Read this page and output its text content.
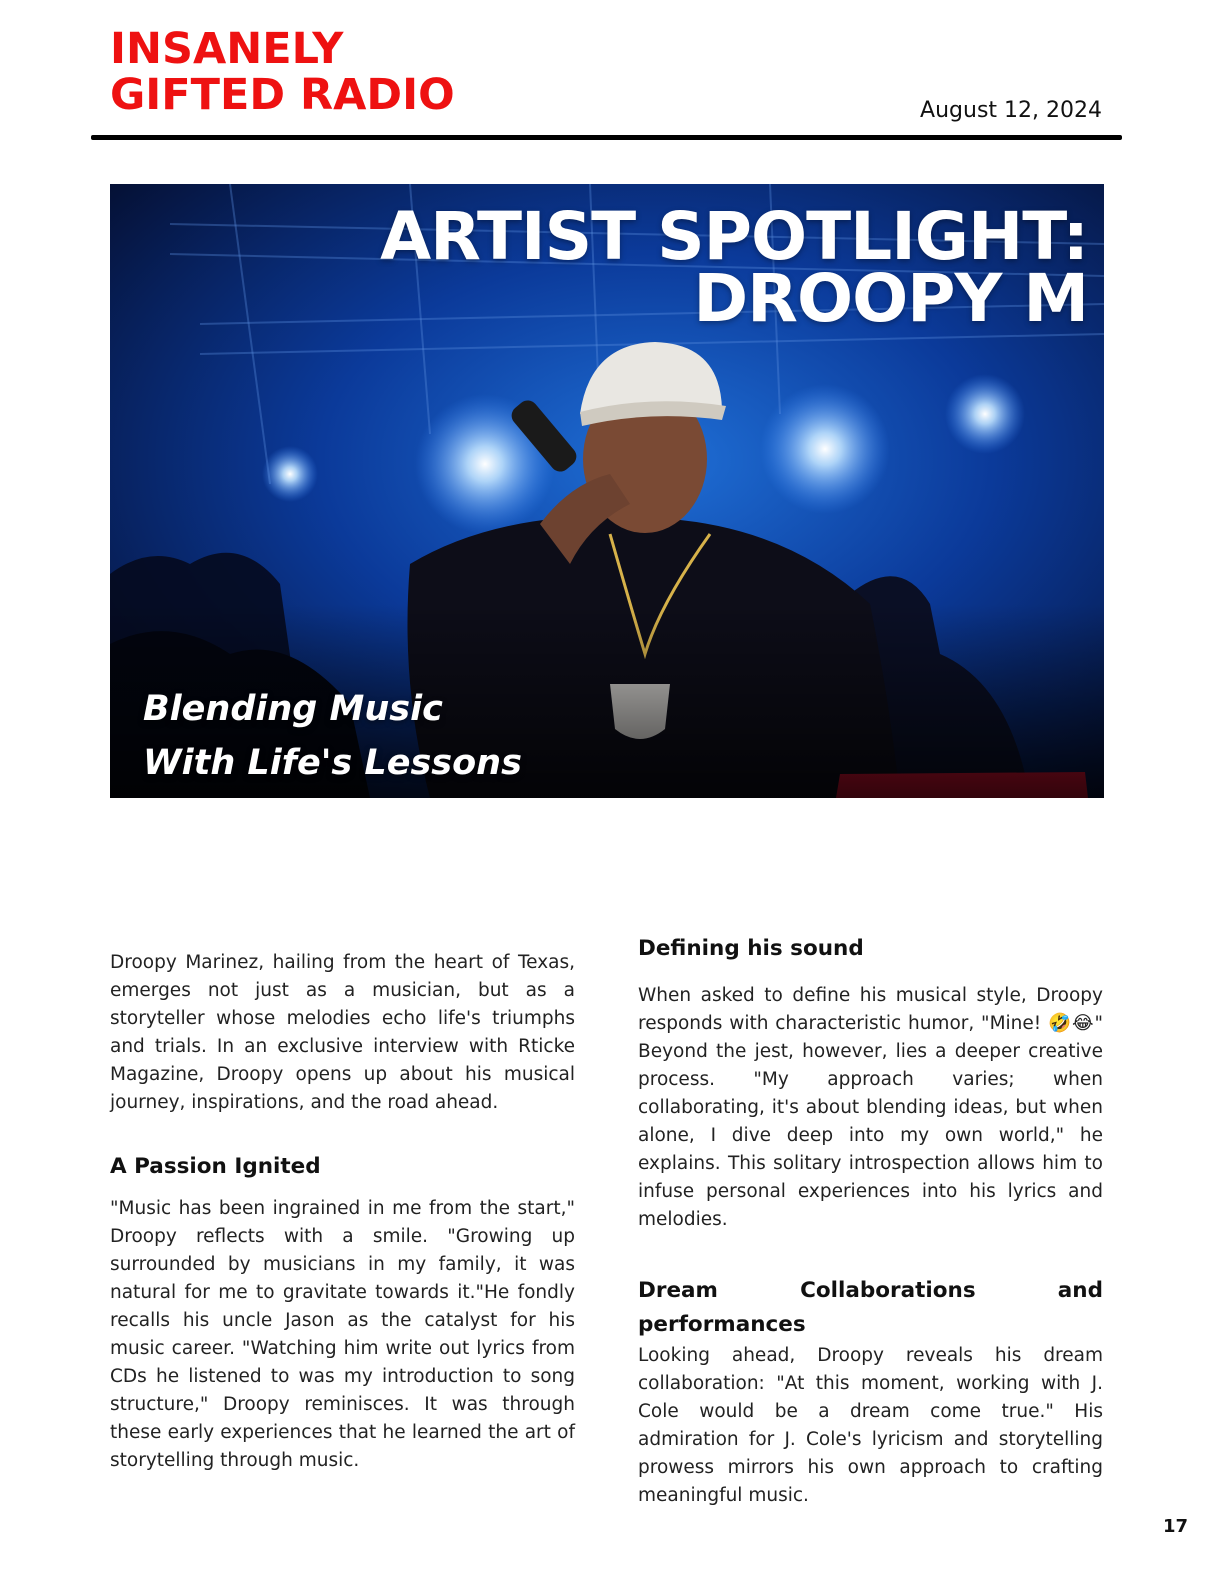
INSANELY
GIFTED RADIO	August 12, 2024
ARTIST SPOTLIGHT:
DROOPY M
Blending Music
With Life's Lessons

Droopy Marinez, hailing from the heart of Texas, emerges not just as a musician, but as a storyteller whose melodies echo life's triumphs and trials. In an exclusive interview with Rticke Magazine, Droopy opens up about his musical journey, inspirations, and the road ahead.

A Passion Ignited

"Music has been ingrained in me from the start," Droopy reflects with a smile. "Growing up surrounded by musicians in my family, it was natural for me to gravitate towards it."He fondly recalls his uncle Jason as the catalyst for his music career. "Watching him write out lyrics from CDs he listened to was my introduction to song structure," Droopy reminisces. It was through these early experiences that he learned the art of storytelling through music.

Defining his sound

When asked to define his musical style, Droopy responds with characteristic humor, "Mine! 🤣😂" Beyond the jest, however, lies a deeper creative process. "My approach varies; when collaborating, it's about blending ideas, but when alone, I dive deep into my own world," he explains. This solitary introspection allows him to infuse personal experiences into his lyrics and melodies.

Dream Collaborations and performances

Looking ahead, Droopy reveals his dream collaboration: "At this moment, working with J. Cole would be a dream come true." His admiration for J. Cole's lyricism and storytelling prowess mirrors his own approach to crafting meaningful music.

17
